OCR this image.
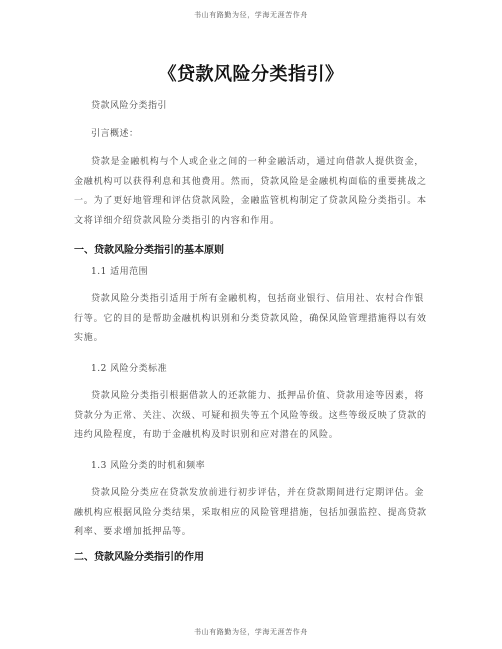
书山有路勤为径，学海无涯苦作舟
《贷款风险分类指引》
贷款风险分类指引
引言概述：

贷款是金融机构与个人或企业之间的一种金融活动，通过向借款人提供资金，

金融机构可以获得利息和其他费用。然而，贷款风险是金融机构面临的重要挑战之

一。为了更好地管理和评估贷款风险，金融监管机构制定了贷款风险分类指引。本

文将详细介绍贷款风险分类指引的内容和作用。

一、贷款风险分类指引的基本原则
1.1 适用范围

贷款风险分类指引适用于所有金融机构，包括商业银行、信用社、农村合作银

行等。它的目的是帮助金融机构识别和分类贷款风险，确保风险管理措施得以有效

实施。

1.2 风险分类标准

贷款风险分类指引根据借款人的还款能力、抵押品价值、贷款用途等因素，将

贷款分为正常、关注、次级、可疑和损失等五个风险等级。这些等级反映了贷款的

违约风险程度，有助于金融机构及时识别和应对潜在的风险。

1.3 风险分类的时机和频率

贷款风险分类应在贷款发放前进行初步评估，并在贷款期间进行定期评估。金

融机构应根据风险分类结果，采取相应的风险管理措施，包括加强监控、提高贷款

利率、要求增加抵押品等。

二、贷款风险分类指引的作用
书山有路勤为径，学海无涯苦作舟
